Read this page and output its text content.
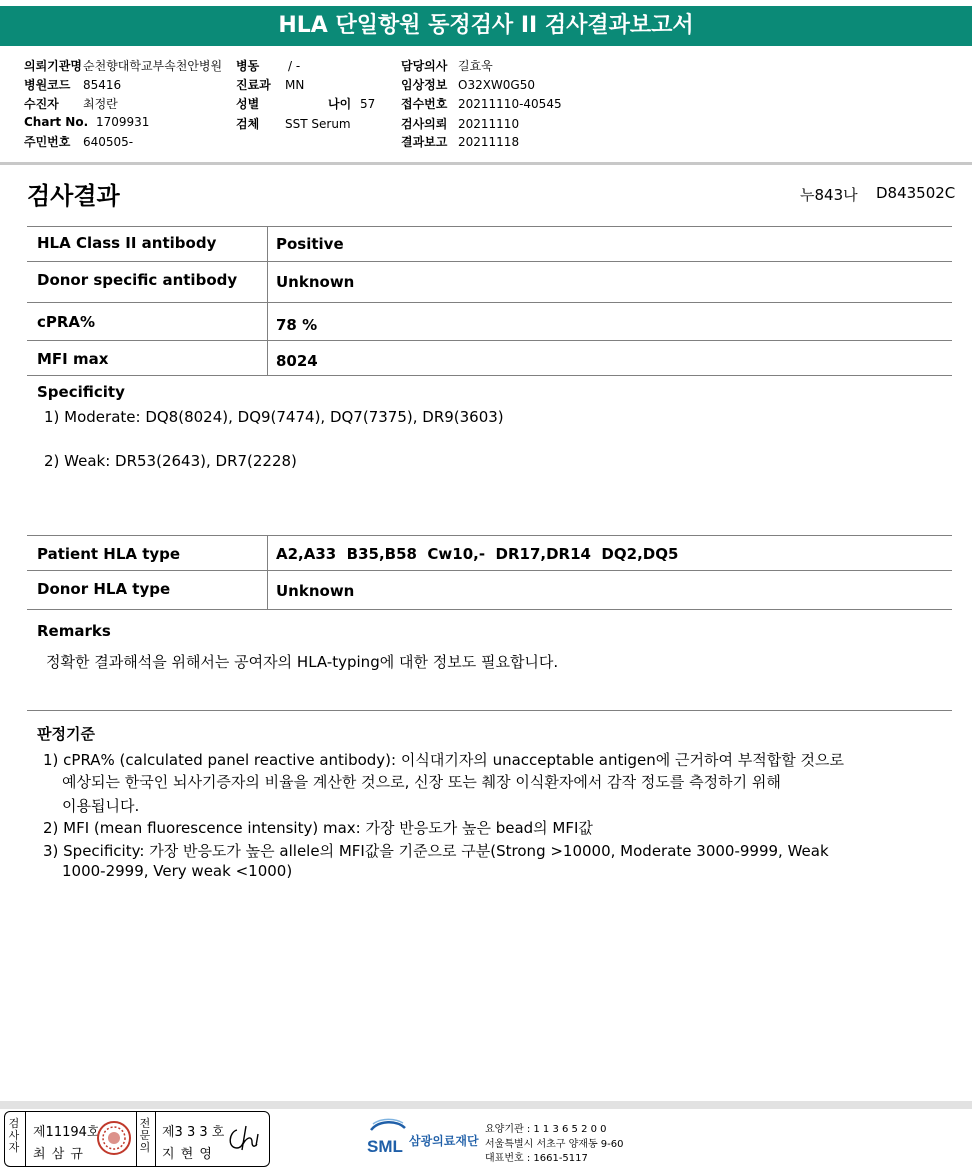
HLA 단일항원 동정검사 II 검사결과보고서
의뢰기관명순천향대학교부속천안병원
병원코드 85416
수진자 최정란
Chart No. 1709931
주민번호 640505-
병동 / -
진료과 MN
성별	나이 57
검체 SST Serum
담당의사 길효욱
임상정보 O32XW0G50
접수번호 20211110-40545
검사의뢰 20211110
결과보고 20211118
검사결과	누843나 D843502C
HLA Class II antibody	Positive
Donor specific antibody	Unknown
cPRA%	78 %
MFI max	8024
Specificity
1) Moderate: DQ8(8024), DQ9(7474), DQ7(7375), DR9(3603)
2) Weak: DR53(2643), DR7(2228)
Patient HLA type	A2,A33  B35,B58  Cw10,-  DR17,DR14  DQ2,DQ5
Donor HLA type	Unknown
Remarks
정확한 결과해석을 위해서는 공여자의 HLA-typing에 대한 정보도 필요합니다.
판정기준
1) cPRA% (calculated panel reactive antibody): 이식대기자의 unacceptable antigen에 근거하여 부적합할 것으로
예상되는 한국인 뇌사기증자의 비율을 계산한 것으로, 신장 또는 췌장 이식환자에서 감작 정도를 측정하기 위해
이용됩니다.
2) MFI (mean fluorescence intensity) max: 가장 반응도가 높은 bead의 MFI값
3) Specificity: 가장 반응도가 높은 allele의 MFI값을 기준으로 구분(Strong >10000, Moderate 3000-9999, Weak
1000-2999, Very weak <1000)
검
사
자
제11194호
최 삼 규
전
문
의
제3 3 3 호
지 현 영	SML 삼광의료재단
요양기관 : 1 1 3 6 5 2 0 0
서울특별시 서초구 양재동 9-60
대표번호 : 1661-5117
